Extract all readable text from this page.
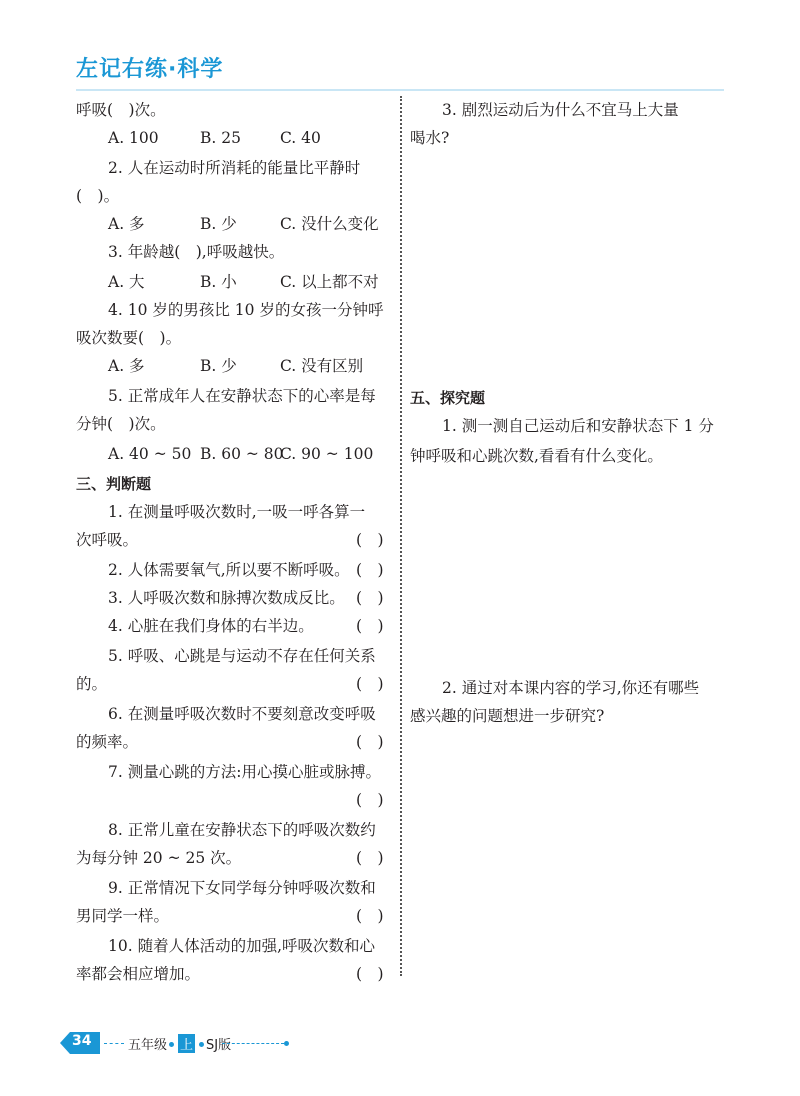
左记右练·科学
呼吸(　)次。
A. 100	B. 25	C. 40
2. 人在运动时所消耗的能量比平静时
(　)。
A. 多	B. 少	C. 没什么变化
3. 年龄越(　),呼吸越快。
A. 大	B. 小	C. 以上都不对
4. 10 岁的男孩比 10 岁的女孩一分钟呼
吸次数要(　)。
A. 多	B. 少	C. 没有区别
5. 正常成年人在安静状态下的心率是每
分钟(　)次。
A. 40 ~ 50 B. 60 ~ 80
C. 90 ~ 100
三、判断题
1. 在测量呼吸次数时,一吸一呼各算一
次呼吸。	(　)
2. 人体需要氧气,所以要不断呼吸。 (　)
3. 人呼吸次数和脉搏次数成反比。 (　)
4. 心脏在我们身体的右半边。	(　)
5. 呼吸、心跳是与运动不存在任何关系
的。	(　)
6. 在测量呼吸次数时不要刻意改变呼吸
的频率。	(　)
7. 测量心跳的方法:用心摸心脏或脉搏。
(　)
8. 正常儿童在安静状态下的呼吸次数约
为每分钟 20 ~ 25 次。	(　)
9. 正常情况下女同学每分钟呼吸次数和
男同学一样。	(　)
10. 随着人体活动的加强,呼吸次数和心
率都会相应增加。	(　)
3. 剧烈运动后为什么不宜马上大量
喝水?
五、探究题
1. 测一测自己运动后和安静状态下 1 分
钟呼吸和心跳次数,看看有什么变化。
2. 通过对本课内容的学习,你还有哪些
感兴趣的问题想进一步研究?
34	五年级 上 SJ版
